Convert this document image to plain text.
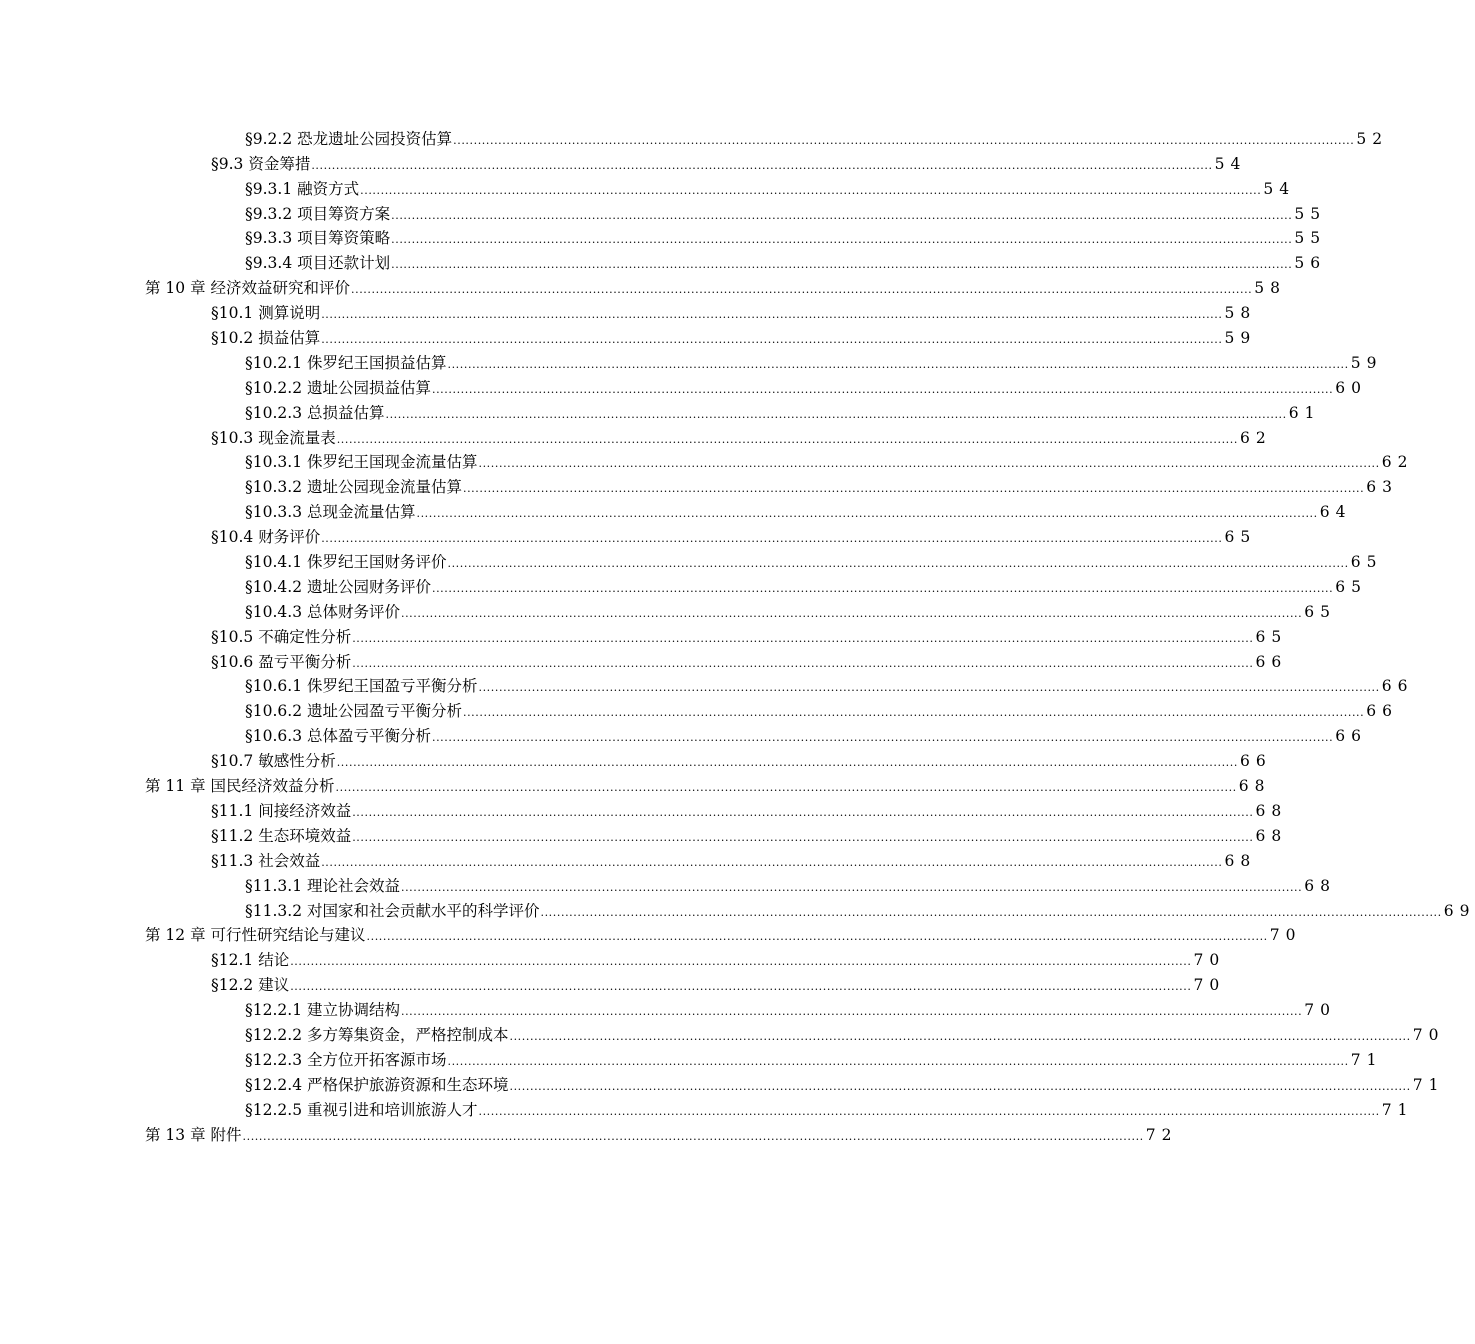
§9.2.2 恐龙遗址公园投资估算 ............................................................................................................................................................................................................................ 52
§9.3 资金筹措 ............................................................................................................................................................................................................................ 54
§9.3.1 融资方式 ............................................................................................................................................................................................................................ 54
§9.3.2 项目筹资方案 ............................................................................................................................................................................................................................ 55
§9.3.3 项目筹资策略 ............................................................................................................................................................................................................................ 55
§9.3.4 项目还款计划 ............................................................................................................................................................................................................................ 56
第 10 章 经济效益研究和评价 ............................................................................................................................................................................................................................ 58
§10.1 测算说明 ............................................................................................................................................................................................................................ 58
§10.2 损益估算 ............................................................................................................................................................................................................................ 59
§10.2.1 侏罗纪王国损益估算 ............................................................................................................................................................................................................................ 59
§10.2.2 遗址公园损益估算 ............................................................................................................................................................................................................................ 60
§10.2.3 总损益估算 ............................................................................................................................................................................................................................ 61
§10.3 现金流量表 ............................................................................................................................................................................................................................ 62
§10.3.1 侏罗纪王国现金流量估算 ............................................................................................................................................................................................................................ 62
§10.3.2 遗址公园现金流量估算 ............................................................................................................................................................................................................................ 63
§10.3.3 总现金流量估算 ............................................................................................................................................................................................................................ 64
§10.4 财务评价 ............................................................................................................................................................................................................................ 65
§10.4.1 侏罗纪王国财务评价 ............................................................................................................................................................................................................................ 65
§10.4.2 遗址公园财务评价 ............................................................................................................................................................................................................................ 65
§10.4.3 总体财务评价 ............................................................................................................................................................................................................................ 65
§10.5 不确定性分析 ............................................................................................................................................................................................................................ 65
§10.6 盈亏平衡分析 ............................................................................................................................................................................................................................ 66
§10.6.1 侏罗纪王国盈亏平衡分析 ............................................................................................................................................................................................................................ 66
§10.6.2 遗址公园盈亏平衡分析 ............................................................................................................................................................................................................................ 66
§10.6.3 总体盈亏平衡分析 ............................................................................................................................................................................................................................ 66
§10.7 敏感性分析 ............................................................................................................................................................................................................................ 66
第 11 章 国民经济效益分析 ............................................................................................................................................................................................................................ 68
§11.1 间接经济效益 ............................................................................................................................................................................................................................ 68
§11.2 生态环境效益 ............................................................................................................................................................................................................................ 68
§11.3 社会效益 ............................................................................................................................................................................................................................ 68
§11.3.1 理论社会效益 ............................................................................................................................................................................................................................ 68
§11.3.2 对国家和社会贡献水平的科学评价 ............................................................................................................................................................................................................................ 69
第 12 章 可行性研究结论与建议 ............................................................................................................................................................................................................................ 70
§12.1 结论 ............................................................................................................................................................................................................................ 70
§12.2 建议 ............................................................................................................................................................................................................................ 70
§12.2.1 建立协调结构 ............................................................................................................................................................................................................................ 70
§12.2.2 多方筹集资金，严格控制成本 ............................................................................................................................................................................................................................ 70
§12.2.3 全方位开拓客源市场 ............................................................................................................................................................................................................................ 71
§12.2.4 严格保护旅游资源和生态环境 ............................................................................................................................................................................................................................ 71
§12.2.5 重视引进和培训旅游人才 ............................................................................................................................................................................................................................ 71
第 13 章 附件 ............................................................................................................................................................................................................................ 72
